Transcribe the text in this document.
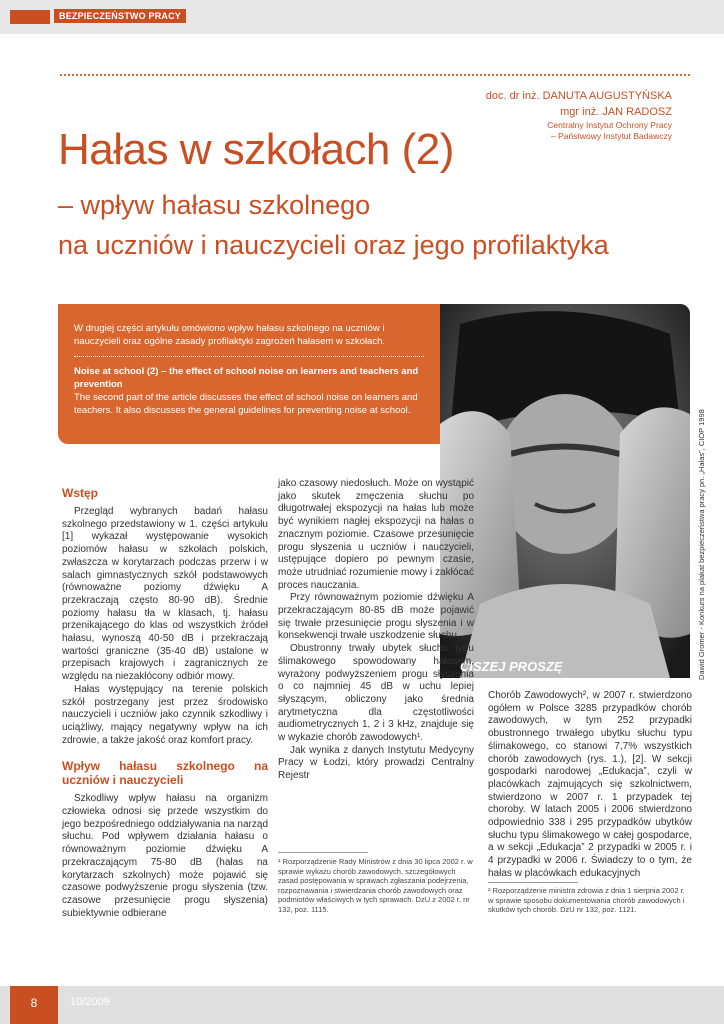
BEZPIECZEŃSTWO PRACY
doc. dr inż. DANUTA AUGUSTYŃSKA
mgr inż. JAN RADOSZ
Centralny Instytut Ochrony Pracy
– Państwowy Instytut Badawczy
Hałas w szkołach (2)
– wpływ hałasu szkolnego
na uczniów i nauczycieli oraz jego profilaktyka
W drugiej części artykułu omówiono wpływ hałasu szkolnego na uczniów i nauczycieli oraz ogólne zasady profilaktyki zagrożeń hałasem w szkołach.
Noise at school (2) – the effect of school noise on learners and teachers and prevention
The second part of the article discusses the effect of school noise on learners and teachers. It also discusses the general guidelines for preventing noise at school.
CISZEJ PROSZĘ	Dawid Gromer - Konkurs na plakat bezpieczeństwa pracy pn. „Hałas”, CIOP 1998
Wstęp

Przegląd wybranych badań hałasu szkolnego przedstawiony w 1. części artykułu [1] wykazał występowanie wysokich poziomów hałasu w szkołach polskich, zwłaszcza w korytarzach podczas przerw i w salach gimnastycznych szkół podstawowych (równoważne poziomy dźwięku A przekraczają często 80-90 dB). Średnie poziomy hałasu tła w klasach, tj. hałasu przenikającego do klas od wszystkich źródeł hałasu, wynoszą 40-50 dB i przekraczają wartości graniczne (35-40 dB) ustalone w przepisach krajowych i zagranicznych ze względu na niezakłócony odbiór mowy.

Hałas występujący na terenie polskich szkół postrzegany jest przez środowisko nauczycieli i uczniów jako czynnik szkodliwy i uciążliwy, mający negatywny wpływ na ich zdrowie, a także jakość oraz komfort pracy.

Wpływ hałasu szkolnego na uczniów i nauczycieli

Szkodliwy wpływ hałasu na organizm człowieka odnosi się przede wszystkim do jego bezpośredniego oddziaływania na narząd słuchu. Pod wpływem działania hałasu o równoważnym poziomie dźwięku A przekraczającym 75-80 dB (hałas na korytarzach szkolnych) może pojawić się czasowe podwyższenie progu słyszenia (tzw. czasowe przesunięcie progu słyszenia) subiektywnie odbierane

jako czasowy niedosłuch. Może on wystąpić jako skutek zmęczenia słuchu po długotrwałej ekspozycji na hałas lub może być wynikiem nagłej ekspozycji na hałas o znacznym poziomie. Czasowe przesunięcie progu słyszenia u uczniów i nauczycieli, ustępujące dopiero po pewnym czasie, może utrudniać rozumienie mowy i zakłócać proces nauczania.

Przy równoważnym poziomie dźwięku A przekraczającym 80-85 dB może pojawić się trwałe przesunięcie progu słyszenia i w konsekwencji trwałe uszkodzenie słuchu.

Obustronny trwały ubytek słuchu typu ślimakowego spowodowany hałasem, wyrażony podwyższeniem progu słyszenia o co najmniej 45 dB w uchu lepiej słyszącym, obliczony jako średnia arytmetyczna dla częstotliwości audiometrycznych 1, 2 i 3 kHz, znajduje się w wykazie chorób zawodowych¹.

Jak wynika z danych Instytutu Medycyny Pracy w Łodzi, który prowadzi Centralny Rejestr

¹ Rozporządzenie Rady Ministrów z dnia 30 lipca 2002 r. w sprawie wykazu chorób zawodowych, szczegółowych zasad postępowania w sprawach zgłaszania podejrzenia, rozpoznawania i stwierdzania chorób zawodowych oraz podmiotów właściwych w tych sprawach. DzU z 2002 r. nr 132, poz. 1115.

Chorób Zawodowych², w 2007 r. stwierdzono ogółem w Polsce 3285 przypadków chorób zawodowych, w tym 252 przypadki obustronnego trwałego ubytku słuchu typu ślimakowego, co stanowi 7,7% wszystkich chorób zawodowych (rys. 1.), [2]. W sekcji gospodarki narodowej „Edukacja”, czyli w placówkach zajmujących się szkolnictwem, stwierdzono w 2007 r. 1 przypadek tej choroby. W latach 2005 i 2006 stwierdzono odpowiednio 338 i 295 przypadków ubytków słuchu typu ślimakowego w całej gospodarce, a w sekcji „Edukacja” 2 przypadki w 2005 r. i 4 przypadki w 2006 r. Świadczy to o tym, że hałas w placówkach edukacyjnych

² Rozporządzenie ministra zdrowia z dnia 1 sierpnia 2002 r. w sprawie sposobu dokumentowania chorób zawodowych i skutków tych chorób. DzU nr 132, poz. 1121.
8	10/2009
